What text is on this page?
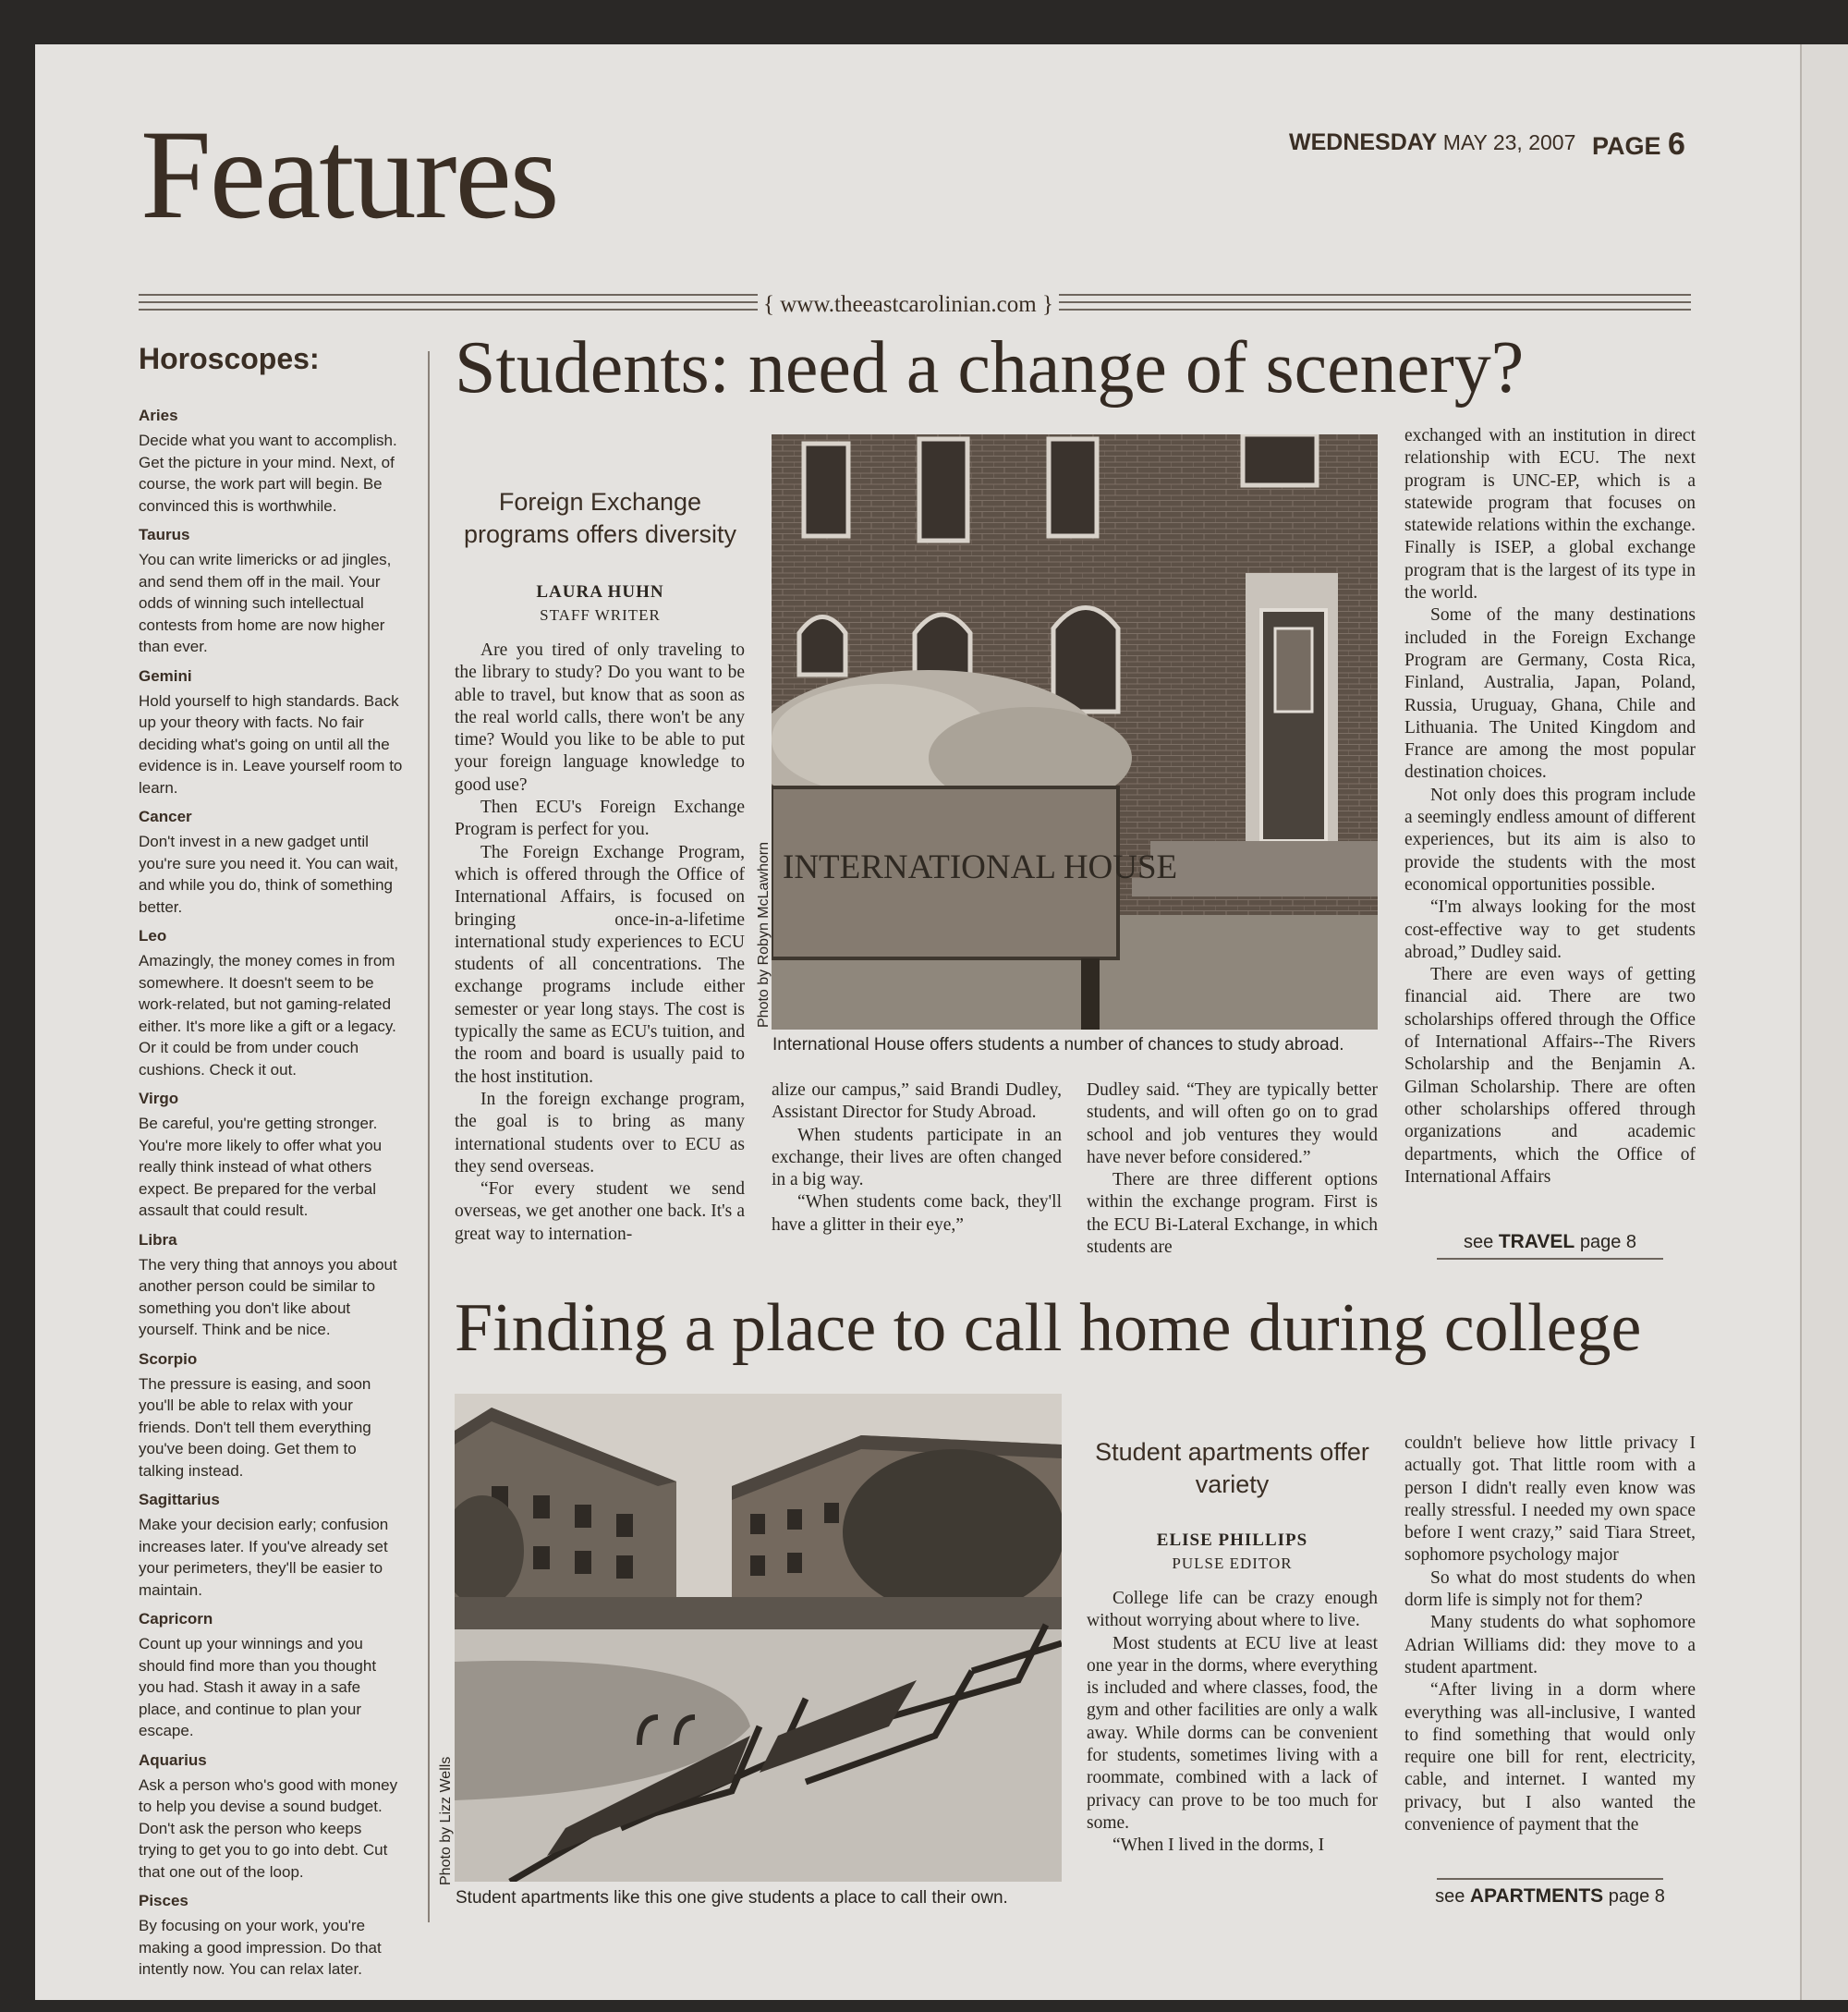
Features	WEDNESDAY MAY 23, 2007 PAGE 6
{ www.theeastcarolinian.com }
Horoscopes:
Aries
Decide what you want to accomplish. Get the picture in your mind. Next, of course, the work part will begin. Be convinced this is worthwhile.
Taurus
You can write limericks or ad jingles, and send them off in the mail. Your odds of winning such intellectual contests from home are now higher than ever.
Gemini
Hold yourself to high standards. Back up your theory with facts. No fair deciding what's going on until all the evidence is in. Leave yourself room to learn.
Cancer
Don't invest in a new gadget until you're sure you need it. You can wait, and while you do, think of something better.
Leo
Amazingly, the money comes in from somewhere. It doesn't seem to be work-related, but not gaming-related either. It's more like a gift or a legacy. Or it could be from under couch cushions. Check it out.
Virgo
Be careful, you're getting stronger. You're more likely to offer what you really think instead of what others expect. Be prepared for the verbal assault that could result.
Libra
The very thing that annoys you about another person could be similar to something you don't like about yourself. Think and be nice.
Scorpio
The pressure is easing, and soon you'll be able to relax with your friends. Don't tell them everything you've been doing. Get them to talking instead.
Sagittarius
Make your decision early; confusion increases later. If you've already set your perimeters, they'll be easier to maintain.
Capricorn
Count up your winnings and you should find more than you thought you had. Stash it away in a safe place, and continue to plan your escape.
Aquarius
Ask a person who's good with money to help you devise a sound budget. Don't ask the person who keeps trying to get you to go into debt. Cut that one out of the loop.
Pisces
By focusing on your work, you're making a good impression. Do that intently now. You can relax later.
Students: need a change of scenery?
Foreign Exchange programs offers diversity
LAURA HUHN
STAFF WRITER

Are you tired of only traveling to the library to study? Do you want to be able to travel, but know that as soon as the real world calls, there won't be any time? Would you like to be able to put your foreign language knowledge to good use?

Then ECU's Foreign Exchange Program is perfect for you.

The Foreign Exchange Program, which is offered through the Office of International Affairs, is focused on bringing once-in-a-lifetime international study experiences to ECU students of all concentrations. The exchange programs include either semester or year long stays. The cost is typically the same as ECU's tuition, and the room and board is usually paid to the host institution.

In the foreign exchange program, the goal is to bring as many international students over to ECU as they send overseas.

“For every student we send overseas, we get another one back. It's a great way to internation-

INTERNATIONAL HOUSE
Photo by Robyn McLawhorn
International House offers students a number of chances to study abroad.

alize our campus,” said Brandi Dudley, Assistant Director for Study Abroad.

When students participate in an exchange, their lives are often changed in a big way.

“When students come back, they'll have a glitter in their eye,”

Dudley said. “They are typically better students, and will often go on to grad school and job ventures they would have never before considered.”

There are three different options within the exchange program. First is the ECU Bi-Lateral Exchange, in which students are

exchanged with an institution in direct relationship with ECU. The next program is UNC-EP, which is a statewide program that focuses on statewide relations within the exchange. Finally is ISEP, a global exchange program that is the largest of its type in the world.

Some of the many destinations included in the Foreign Exchange Program are Germany, Costa Rica, Finland, Australia, Japan, Poland, Russia, Uruguay, Ghana, Chile and Lithuania. The United Kingdom and France are among the most popular destination choices.

Not only does this program include a seemingly endless amount of different experiences, but its aim is also to provide the students with the most economical opportunities possible.

“I'm always looking for the most cost-effective way to get students abroad,” Dudley said.

There are even ways of getting financial aid. There are two scholarships offered through the Office of International Affairs--The Rivers Scholarship and the Benjamin A. Gilman Scholarship. There are often other scholarships offered through organizations and academic departments, which the Office of International Affairs

see TRAVEL page 8
Finding a place to call home during college
Photo by Lizz Wells
Student apartments like this one give students a place to call their own.
Student apartments offer variety
ELISE PHILLIPS
PULSE EDITOR

College life can be crazy enough without worrying about where to live.

Most students at ECU live at least one year in the dorms, where everything is included and where classes, food, the gym and other facilities are only a walk away. While dorms can be convenient for students, sometimes living with a roommate, combined with a lack of privacy can prove to be too much for some.

“When I lived in the dorms, I

couldn't believe how little privacy I actually got. That little room with a person I didn't really even know was really stressful. I needed my own space before I went crazy,” said Tiara Street, sophomore psychology major

So what do most students do when dorm life is simply not for them?

Many students do what sophomore Adrian Williams did: they move to a student apartment.

“After living in a dorm where everything was all-inclusive, I wanted to find something that would only require one bill for rent, electricity, cable, and internet. I wanted my privacy, but I also wanted the convenience of payment that the

see APARTMENTS page 8
